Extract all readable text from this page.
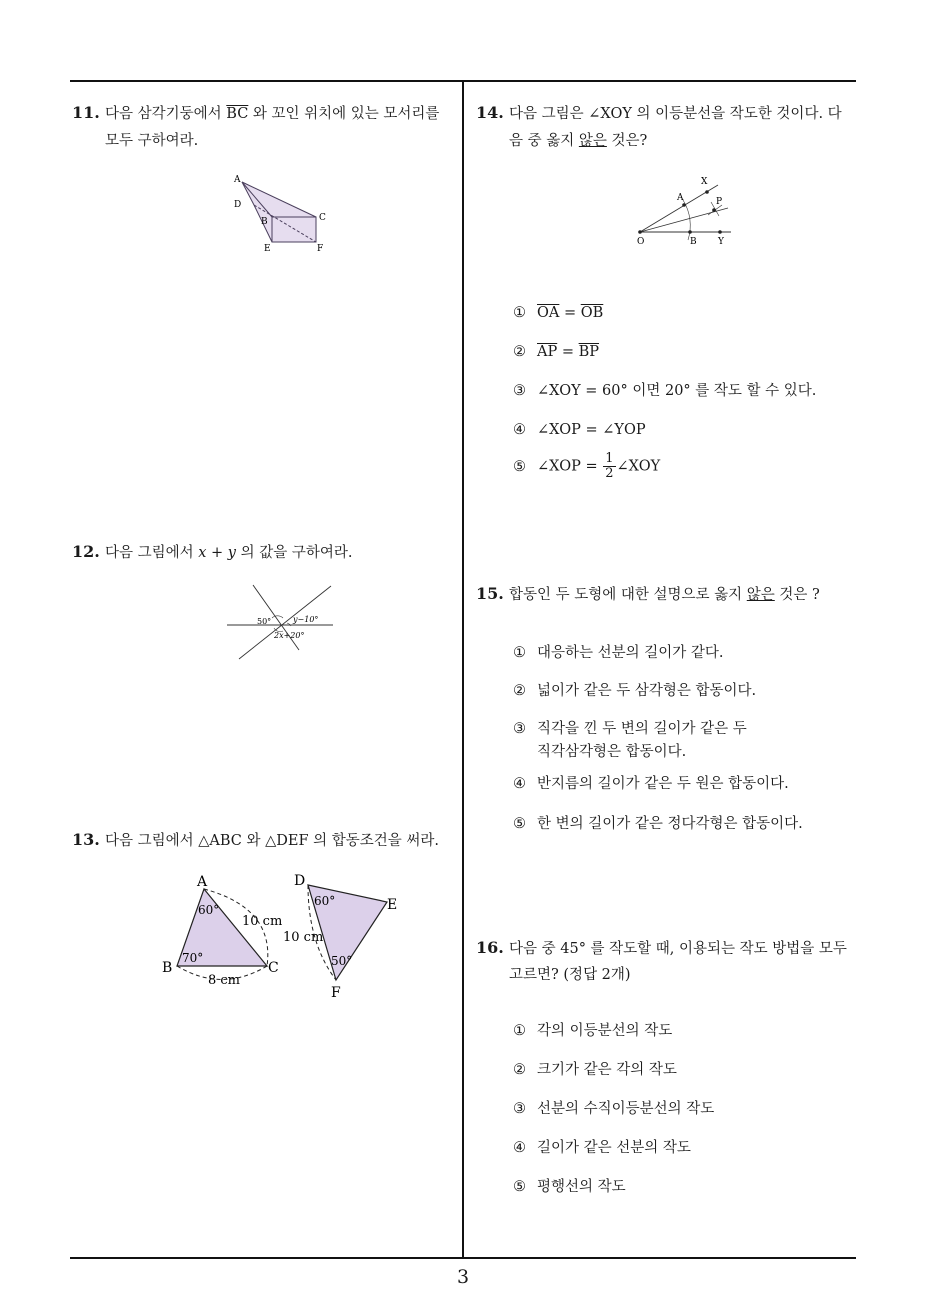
11. 다음 삼각기둥에서 $\overline{BC}$ 와 꼬인 위치에 있는 모서리를
모두 구하여라.
A
D
B	C
E	F
12. 다음 그림에서 x + y 의 값을 구하여라.
50°	y−10°
2x+20°
13. 다음 그림에서 △ABC 와 △DEF 의 합동조건을 써라.
A
B	C
60°
70°
10 cm
8 cm
D
E
F
60°
50°
10 cm
14. 다음 그림은 ∠XOY 의 이등분선을 작도한 것이다. 다
음 중 옳지 않은 것은?
X
A	P
O	B Y
① $\overline{OA} = \overline{OB}$
② $\overline{AP} = \overline{BP}$
③ ∠XOY = 60° 이면 20° 를 작도 할 수 있다.
④ ∠XOP = ∠YOP
⑤ ∠XOP = $\frac{1}{2}$ ∠XOY
15. 합동인 두 도형에 대한 설명으로 옳지 않은 것은 ?
① 대응하는 선분의 길이가 같다.
② 넓이가 같은 두 삼각형은 합동이다.
③ 직각을 낀 두 변의 길이가 같은 두
직각삼각형은 합동이다.
④ 반지름의 길이가 같은 두 원은 합동이다.
⑤ 한 변의 길이가 같은 정다각형은 합동이다.
16. 다음 중 45° 를 작도할 때, 이용되는 작도 방법을 모두
고르면? (정답 2개)
① 각의 이등분선의 작도
② 크기가 같은 각의 작도
③ 선분의 수직이등분선의 작도
④ 길이가 같은 선분의 작도
⑤ 평행선의 작도
3
